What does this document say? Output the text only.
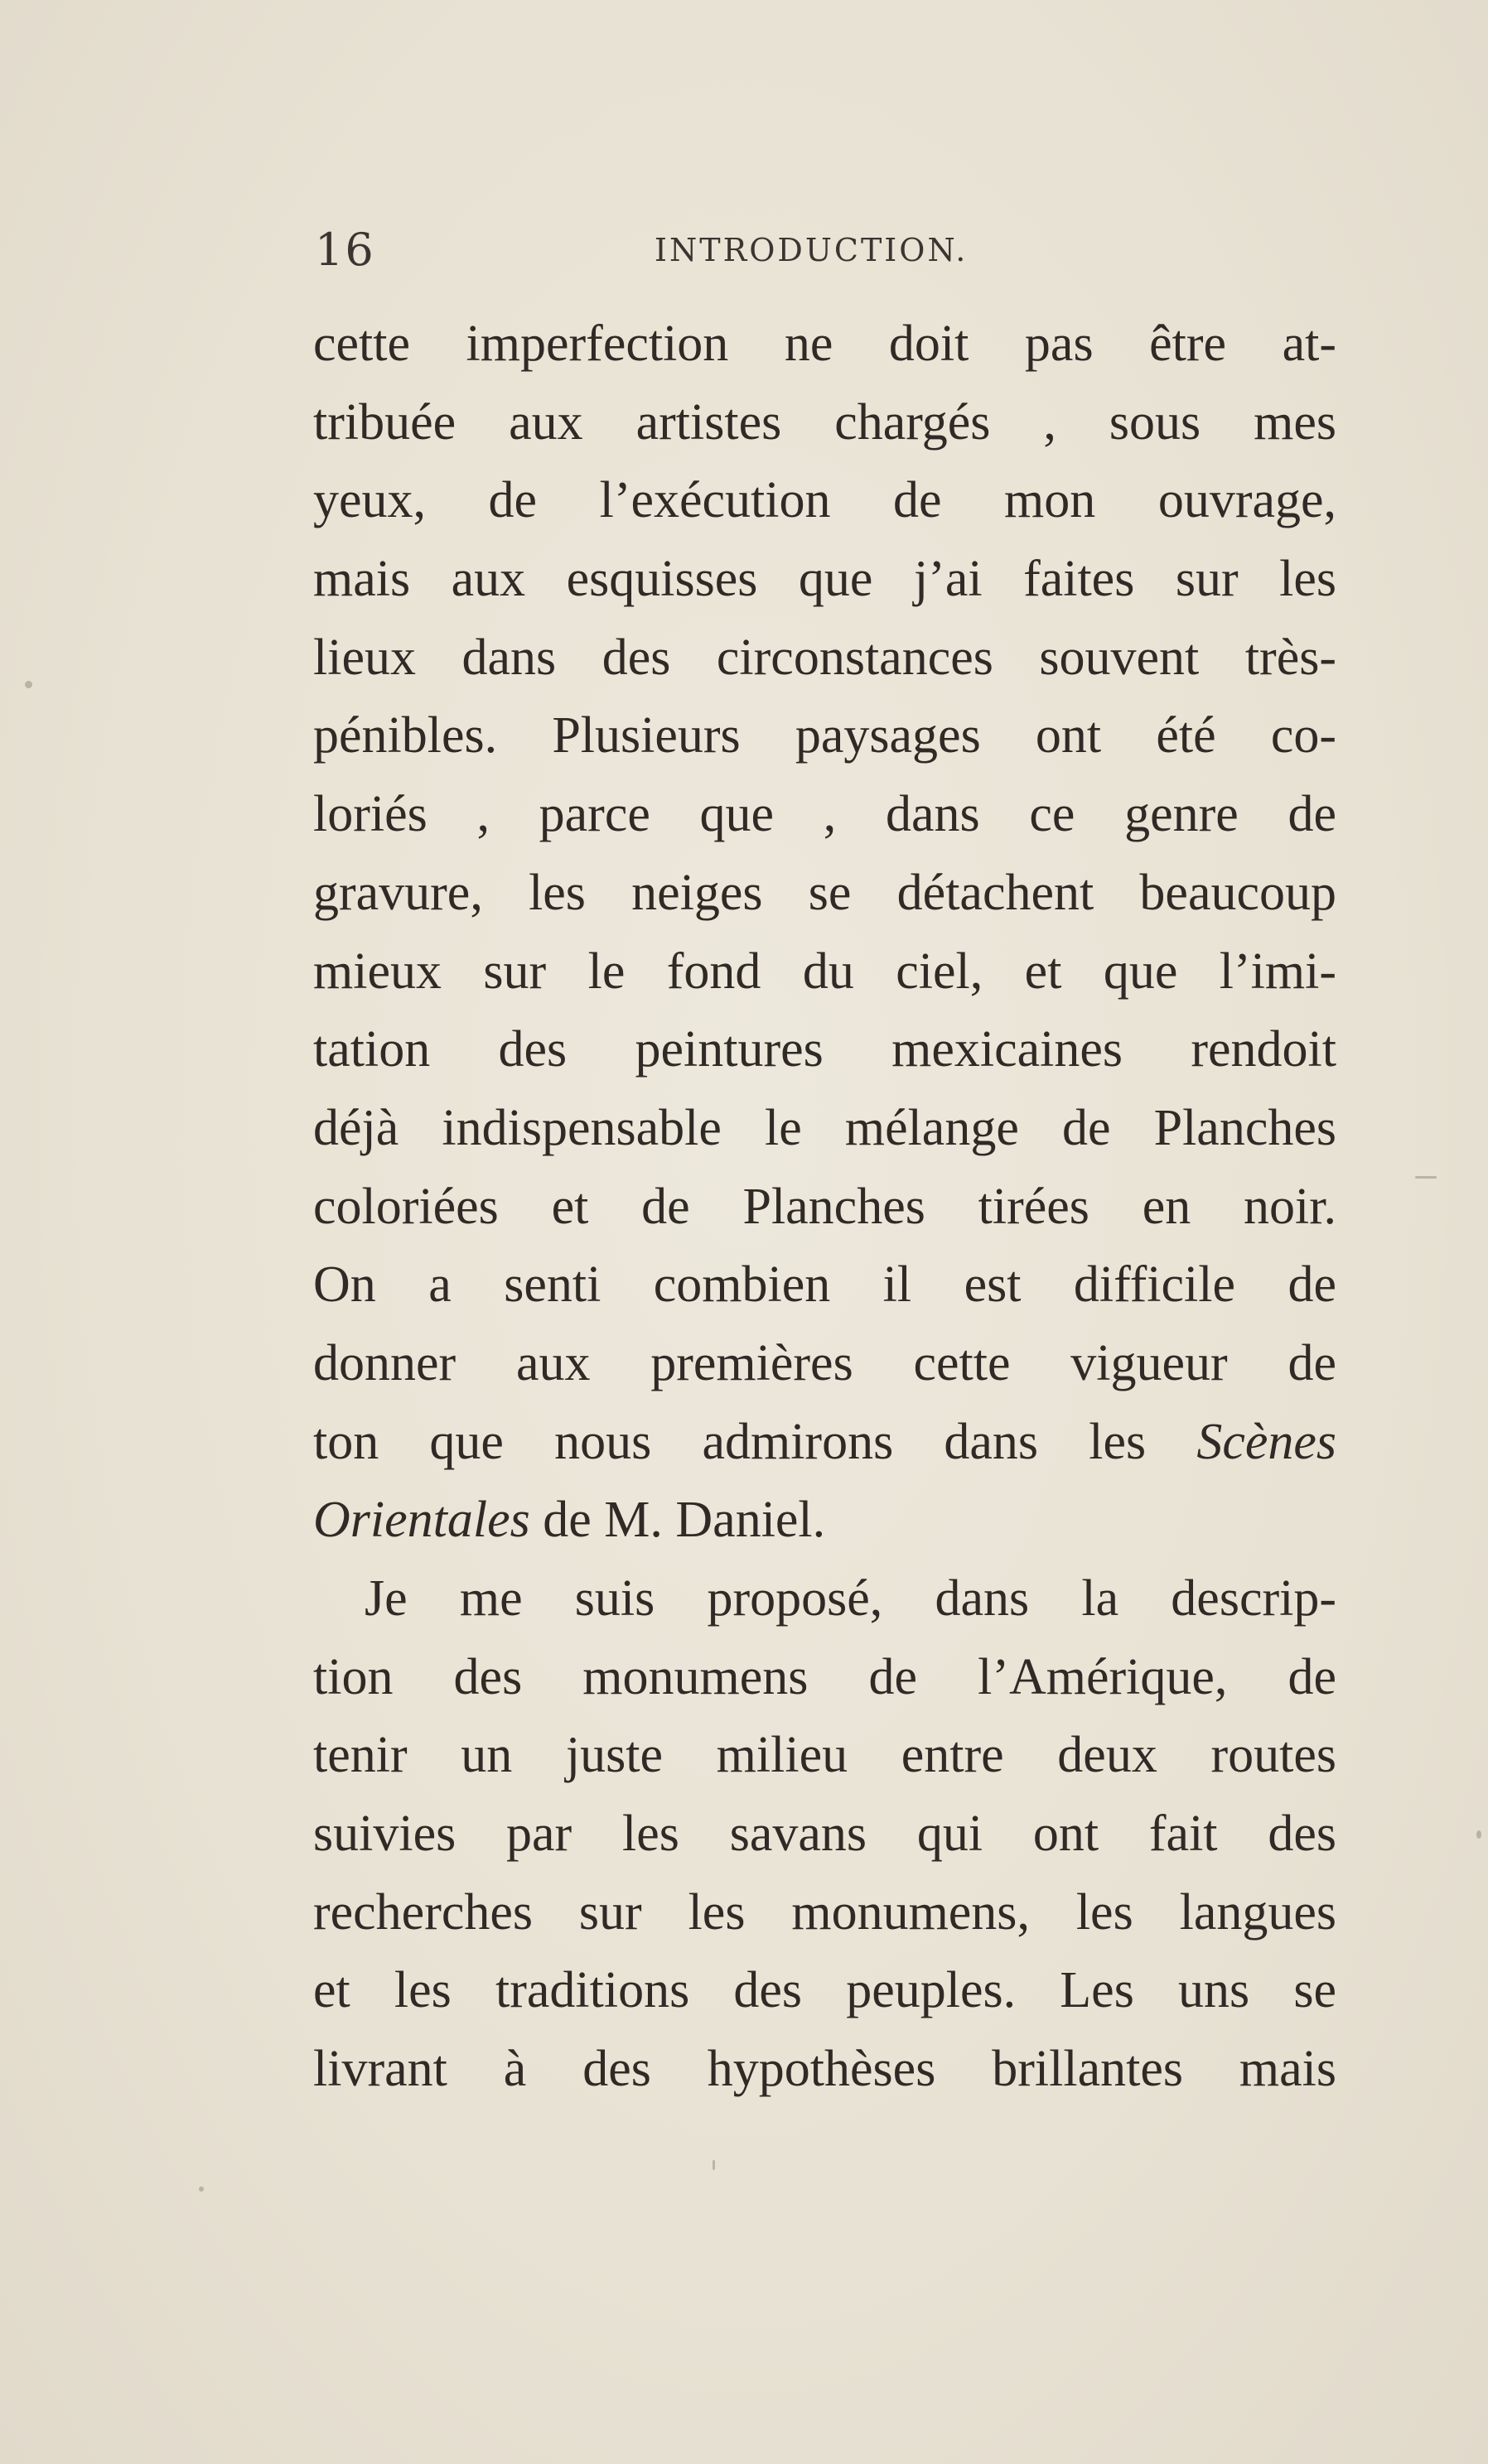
16	INTRODUCTION.
cette imperfection ne doit pas être at-
tribuée aux artistes chargés , sous mes
yeux, de l’exécution de mon ouvrage,
mais aux esquisses que j’ai faites sur les
lieux dans des circonstances souvent très-
pénibles. Plusieurs paysages ont été co-
loriés , parce que , dans ce genre de
gravure, les neiges se détachent beaucoup
mieux sur le fond du ciel, et que l’imi-
tation des peintures mexicaines rendoit
déjà indispensable le mélange de Planches
coloriées et de Planches tirées en noir.
On a senti combien il est difficile de
donner aux premières cette vigueur de
ton que nous admirons dans les Scènes
Orientales de M. Daniel.
Je me suis proposé, dans la descrip-
tion des monumens de l’Amérique, de
tenir un juste milieu entre deux routes
suivies par les savans qui ont fait des
recherches sur les monumens, les langues
et les traditions des peuples. Les uns se
livrant à des hypothèses brillantes mais
